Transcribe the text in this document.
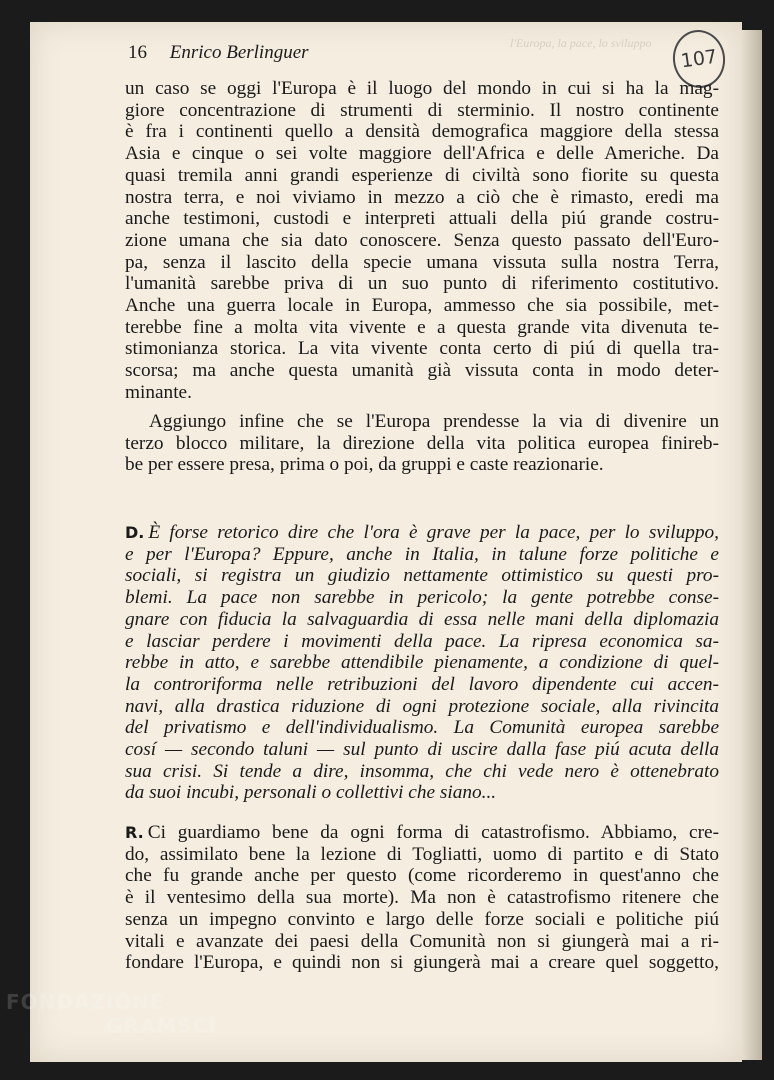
l'Europa, la pace, lo sviluppo
16 Enrico Berlinguer	107
un caso se oggi l'Europa è il luogo del mondo in cui si ha la mag-
giore concentrazione di strumenti di sterminio. Il nostro continente
è fra i continenti quello a densità demografica maggiore della stessa
Asia e cinque o sei volte maggiore dell'Africa e delle Americhe. Da
quasi tremila anni grandi esperienze di civiltà sono fiorite su questa
nostra terra, e noi viviamo in mezzo a ciò che è rimasto, eredi ma
anche testimoni, custodi e interpreti attuali della piú grande costru-
zione umana che sia dato conoscere. Senza questo passato dell'Euro-
pa, senza il lascito della specie umana vissuta sulla nostra Terra,
l'umanità sarebbe priva di un suo punto di riferimento costitutivo.
Anche una guerra locale in Europa, ammesso che sia possibile, met-
terebbe fine a molta vita vivente e a questa grande vita divenuta te-
stimonianza storica. La vita vivente conta certo di piú di quella tra-
scorsa; ma anche questa umanità già vissuta conta in modo deter-
minante.
Aggiungo infine che se l'Europa prendesse la via di divenire un
terzo blocco militare, la direzione della vita politica europea finireb-
be per essere presa, prima o poi, da gruppi e caste reazionarie.
D. È forse retorico dire che l'ora è grave per la pace, per lo sviluppo,
e per l'Europa? Eppure, anche in Italia, in talune forze politiche e
sociali, si registra un giudizio nettamente ottimistico su questi pro-
blemi. La pace non sarebbe in pericolo; la gente potrebbe conse-
gnare con fiducia la salvaguardia di essa nelle mani della diplomazia
e lasciar perdere i movimenti della pace. La ripresa economica sa-
rebbe in atto, e sarebbe attendibile pienamente, a condizione di quel-
la controriforma nelle retribuzioni del lavoro dipendente cui accen-
navi, alla drastica riduzione di ogni protezione sociale, alla rivincita
del privatismo e dell'individualismo. La Comunità europea sarebbe
cosí — secondo taluni — sul punto di uscire dalla fase piú acuta della
sua crisi. Si tende a dire, insomma, che chi vede nero è ottenebrato
da suoi incubi, personali o collettivi che siano...
R. Ci guardiamo bene da ogni forma di catastrofismo. Abbiamo, cre-
do, assimilato bene la lezione di Togliatti, uomo di partito e di Stato
che fu grande anche per questo (come ricorderemo in quest'anno che
è il ventesimo della sua morte). Ma non è catastrofismo ritenere che
senza un impegno convinto e largo delle forze sociali e politiche piú
vitali e avanzate dei paesi della Comunità non si giungerà mai a ri-
fondare l'Europa, e quindi non si giungerà mai a creare quel soggetto,
FONDAZIONE
GRAMSCI
